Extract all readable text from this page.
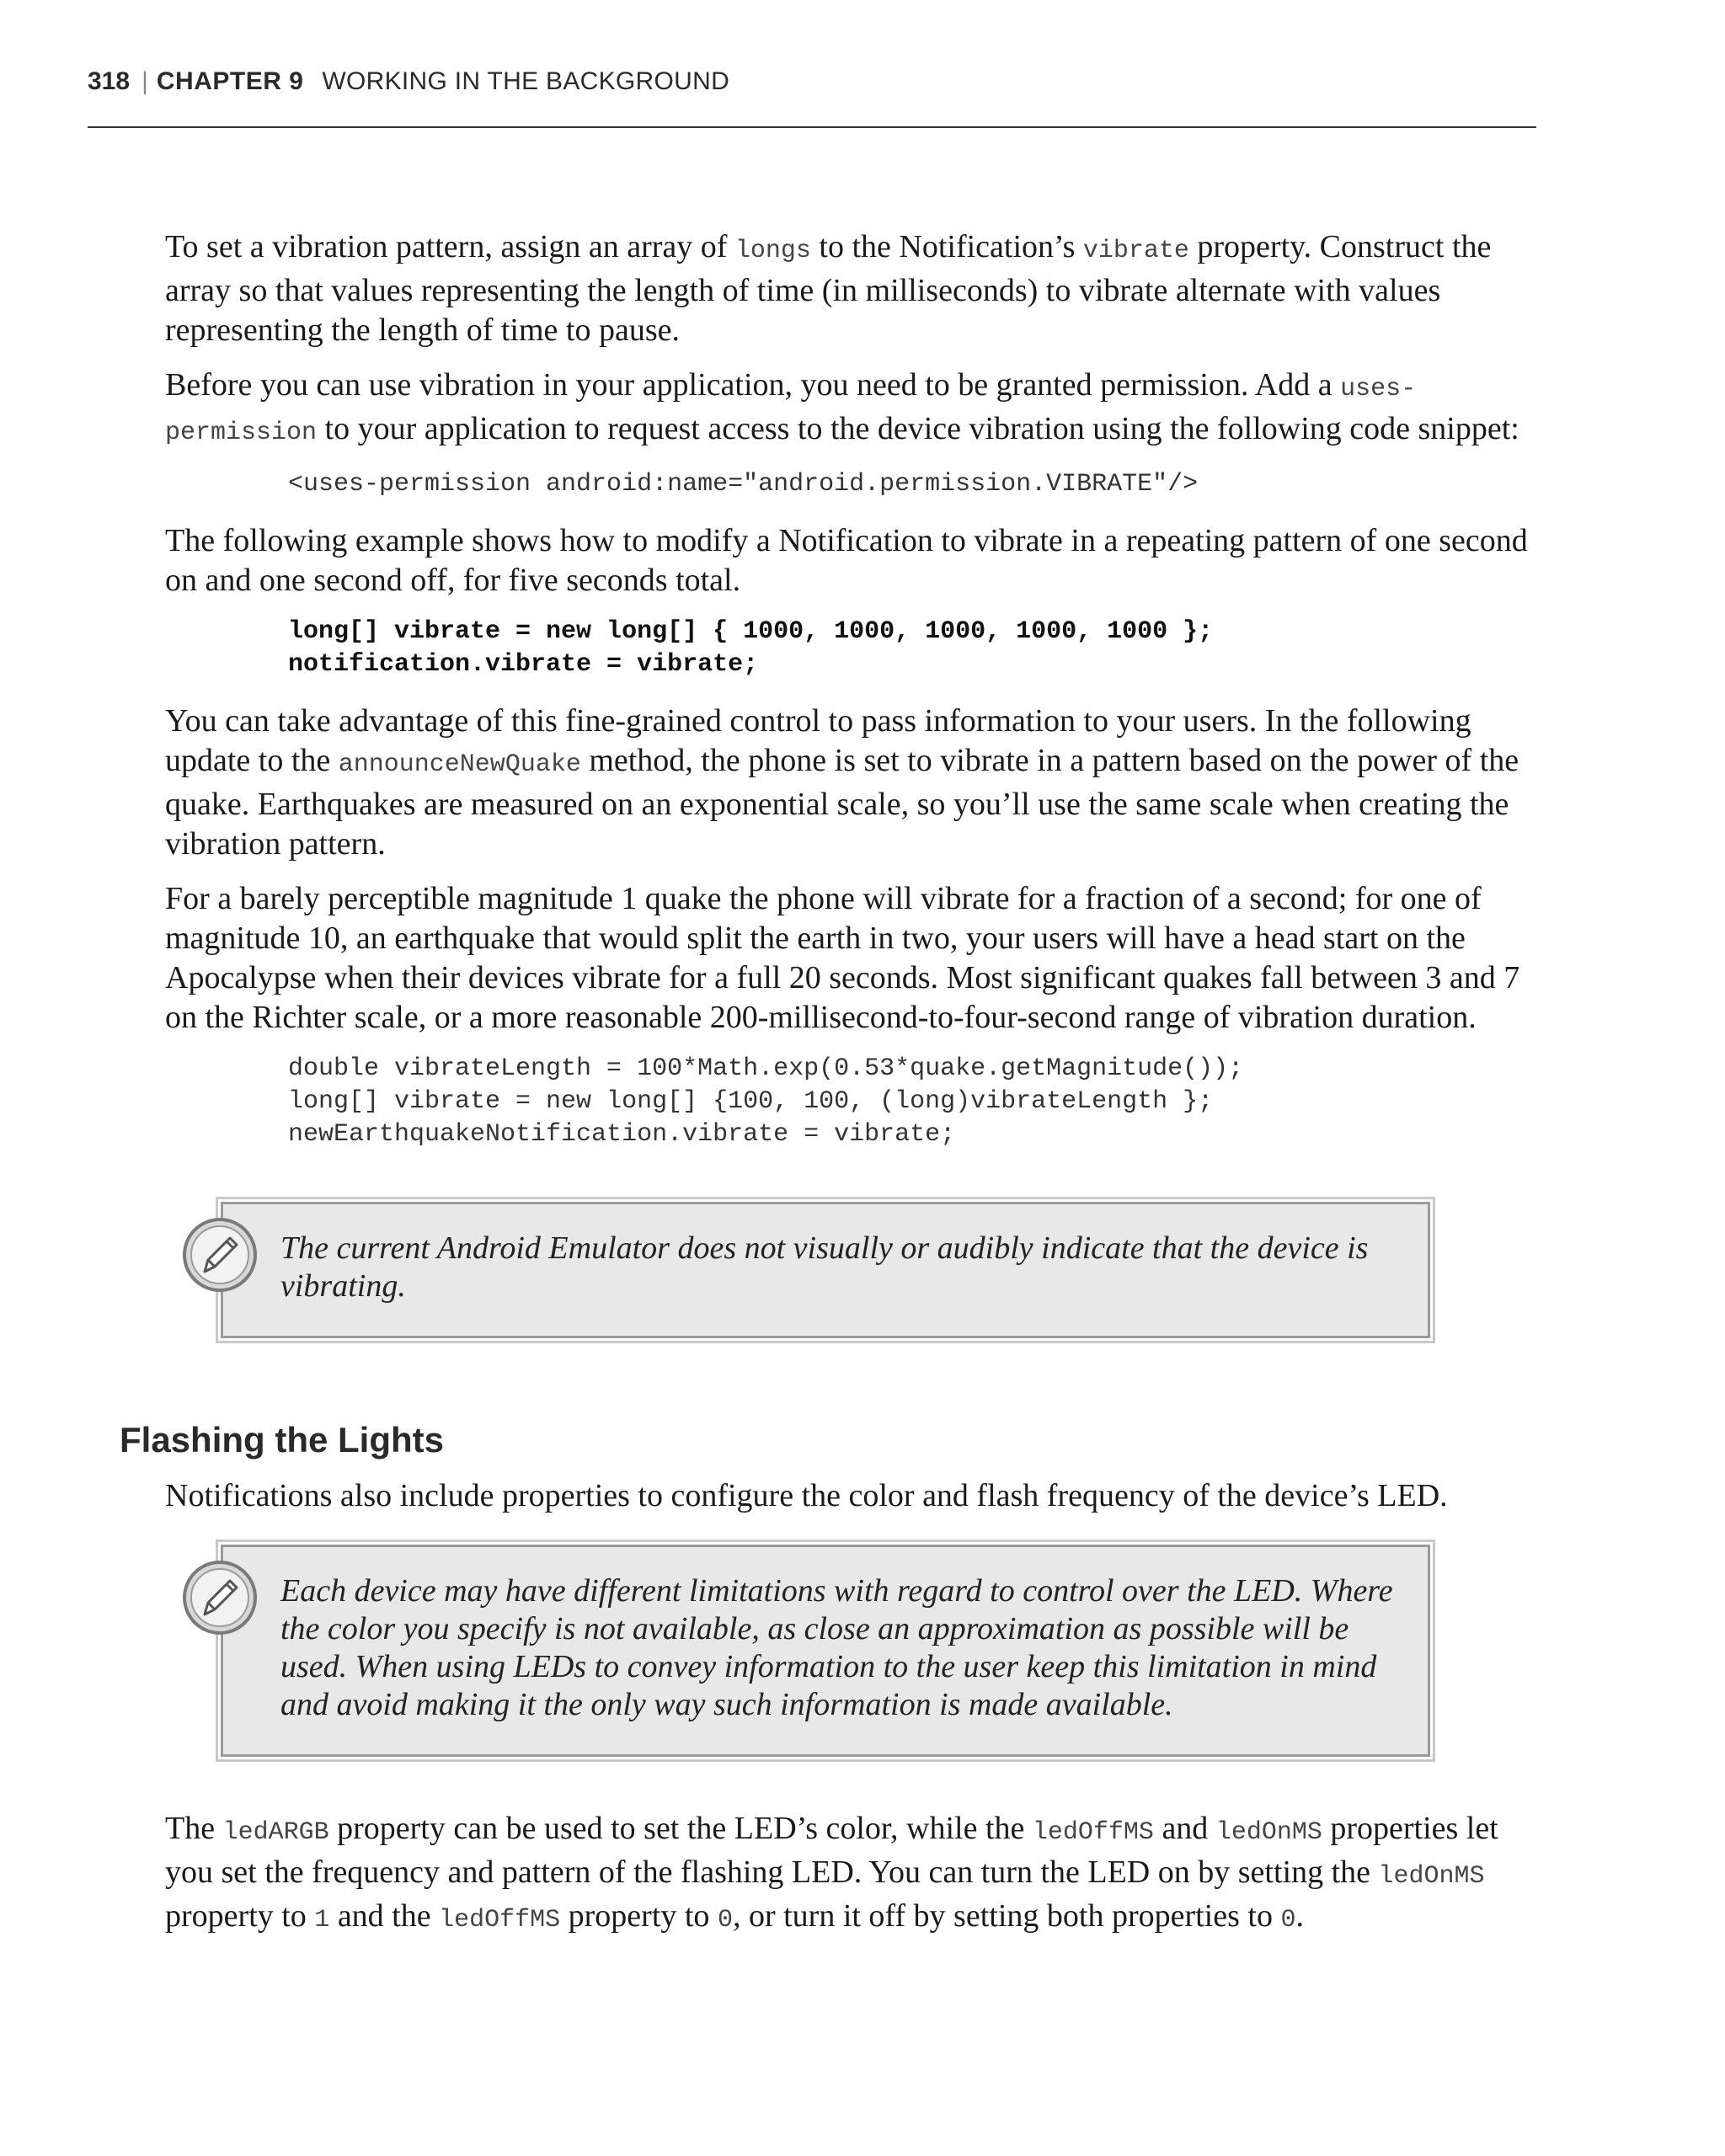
318 | CHAPTER 9 WORKING IN THE BACKGROUND

To set a vibration pattern, assign an array of longs to the Notification’s vibrate property. Construct the array so that values representing the length of time (in milliseconds) to vibrate alternate with values representing the length of time to pause.

Before you can use vibration in your application, you need to be granted permission. Add a uses-permission to your application to request access to the device vibration using the following code snippet:

<uses-permission android:name="android.permission.VIBRATE"/>

The following example shows how to modify a Notification to vibrate in a repeating pattern of one second on and one second off, for five seconds total.

long[] vibrate = new long[] { 1000, 1000, 1000, 1000, 1000 };
notification.vibrate = vibrate;

You can take advantage of this fine-grained control to pass information to your users. In the following update to the announceNewQuake method, the phone is set to vibrate in a pattern based on the power of the quake. Earthquakes are measured on an exponential scale, so you’ll use the same scale when creating the vibration pattern.

For a barely perceptible magnitude 1 quake the phone will vibrate for a fraction of a second; for one of magnitude 10, an earthquake that would split the earth in two, your users will have a head start on the Apocalypse when their devices vibrate for a full 20 seconds. Most significant quakes fall between 3 and 7 on the Richter scale, or a more reasonable 200-millisecond-to-four-second range of vibration duration.

double vibrateLength = 100*Math.exp(0.53*quake.getMagnitude());
long[] vibrate = new long[] {100, 100, (long)vibrateLength };
newEarthquakeNotification.vibrate = vibrate;
The current Android Emulator does not visually or audibly indicate that the device is vibrating.
Flashing the Lights

Notifications also include properties to configure the color and flash frequency of the device’s LED.

Each device may have different limitations with regard to control over the LED. Where the color you specify is not available, as close an approximation as possible will be used. When using LEDs to convey information to the user keep this limitation in mind and avoid making it the only way such information is made available.

The ledARGB property can be used to set the LED’s color, while the ledOffMS and ledOnMS properties let you set the frequency and pattern of the flashing LED. You can turn the LED on by setting the ledOnMS property to 1 and the ledOffMS property to 0, or turn it off by setting both properties to 0.
